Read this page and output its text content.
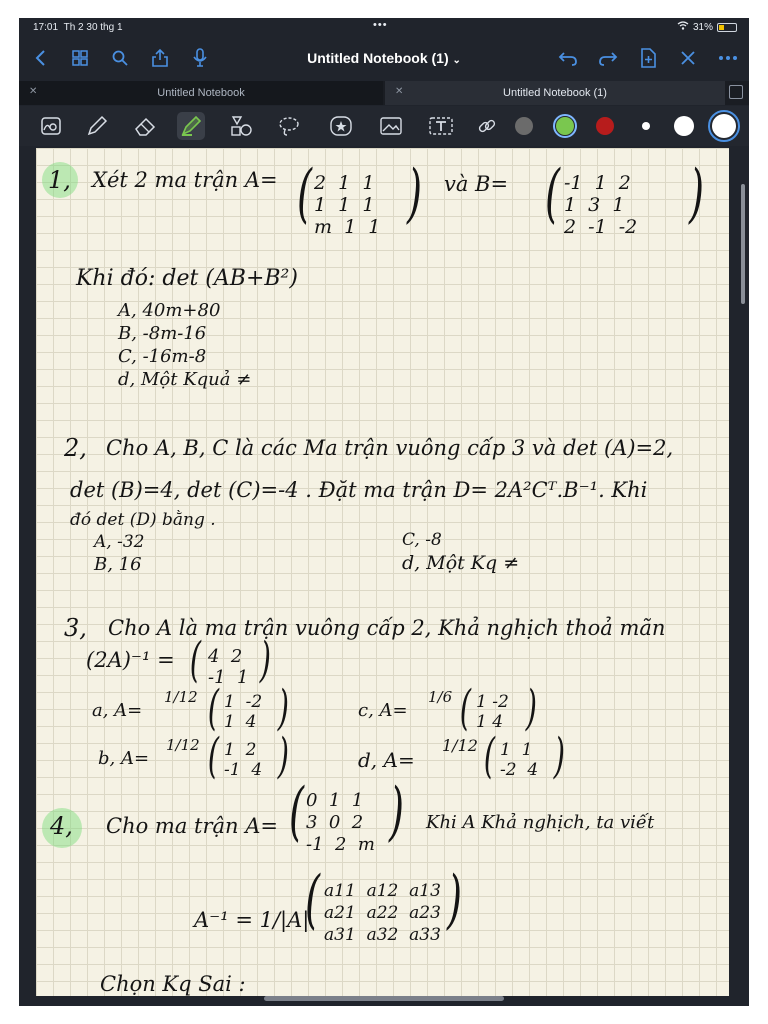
17:01 Th 2 30 thg 1	•••	31%
Untitled Notebook (1) ⌄
✕	Untitled Notebook	✕	Untitled Notebook (1)
1, Xét 2 ma trận A= ( 2  1  1
1  1  1
m  1  1 ) và B= ( -1  1  2
1  3  1
2  -1  -2 )
Khi đó: det (AB+B²)
A, 40m+80
B, -8m-16
C, -16m-8
d, Một Kquả ≠
2, Cho A, B, C là các Ma trận vuông cấp 3 và det (A)=2,
det (B)=4, det (C)=-4 . Đặt ma trận D= 2A²Cᵀ.B⁻¹. Khi
đó det (D) bằng .
A, -32
B, 16
C, -8
d, Một Kq ≠
3, Cho A là ma trận vuông cấp 2, Khả nghịch thoả mãn
(2A)⁻¹ = ( 4  2
-1  1 )
a, A=
1/12 ( 1  -2
1  4 )	c, A=
1/6 ( 1 -2
1 4 )
b, A=
1/12 ( 1  2
-1  4 )	d, A=
1/12 ( 1  1
-2  4 )
4, Cho ma trận A= ( 0  1  1
3  0  2
-1  2  m ) Khi A Khả nghịch, ta viết
A⁻¹ = 1/|A|
( a11  a12  a13
a21  a22  a23
a31  a32  a33 )
Chọn Kq Sai :
